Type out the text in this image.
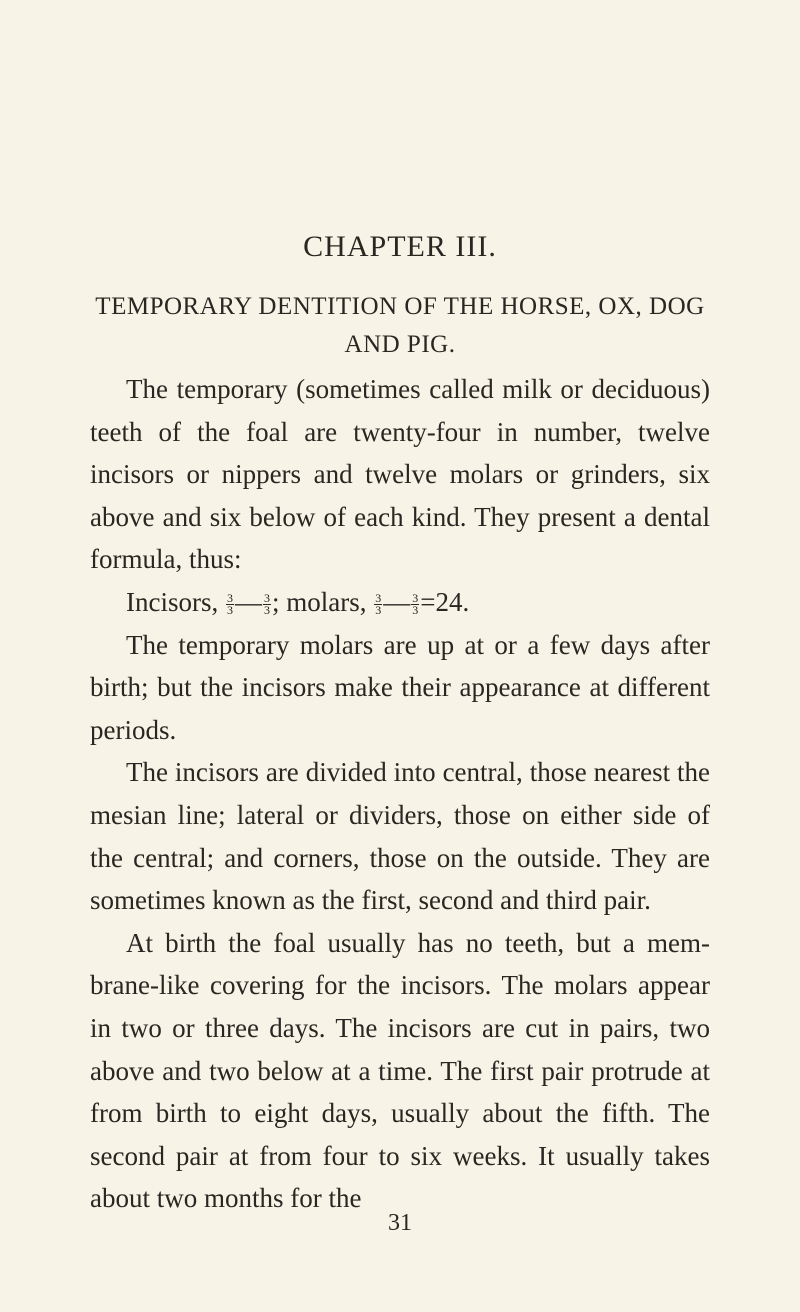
CHAPTER III.
TEMPORARY DENTITION OF THE HORSE, OX, DOG AND PIG.

The temporary (sometimes called milk or deciduous) teeth of the foal are twenty-four in number, twelve incisors or nippers and twelve molars or grinders, six above and six below of each kind. They present a dental formula, thus:

Incisors, $\frac{3}{3}$ — $\frac{3}{3}$ ; molars, $\frac{3}{3}$ — $\frac{3}{3} =24$.

The temporary molars are up at or a few days after birth; but the incisors make their appearance at different periods.

The incisors are divided into central, those nearest the mesian line; lateral or dividers, those on either side of the central; and corners, those on the outside. They are sometimes known as the first, second and third pair.

At birth the foal usually has no teeth, but a membrane-like covering for the incisors. The molars appear in two or three days. The incisors are cut in pairs, two above and two below at a time. The first pair protrude at from birth to eight days, usually about the fifth. The second pair at from four to six weeks. It usually takes about two months for the

31
